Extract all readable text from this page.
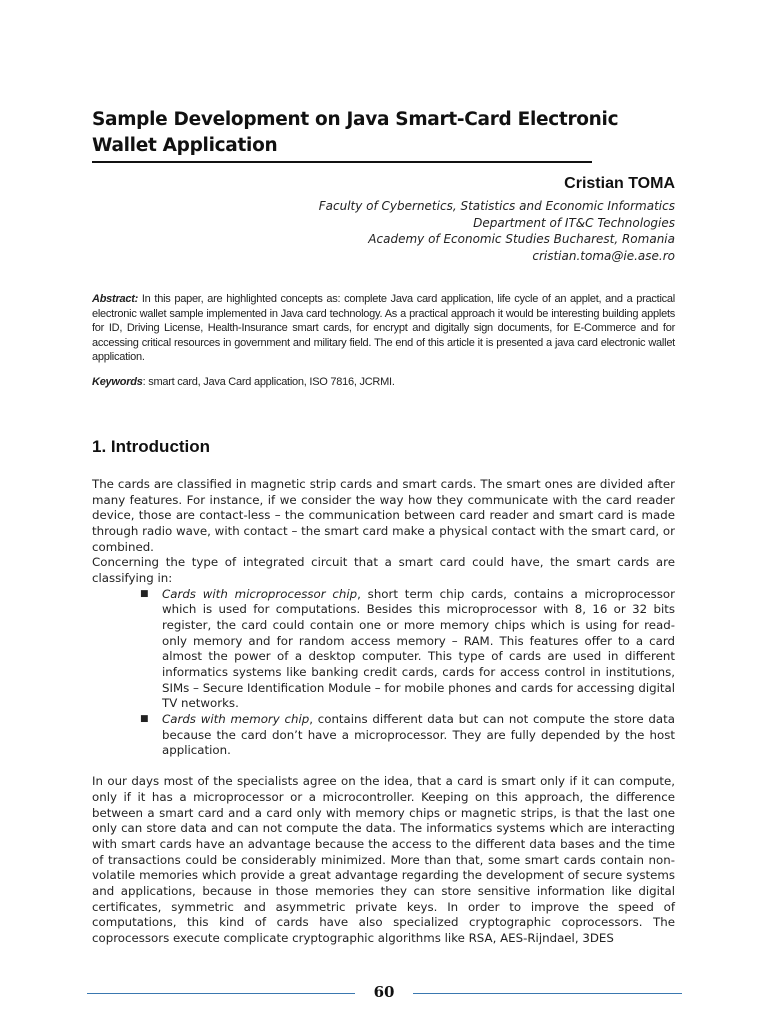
Sample Development on Java Smart-Card Electronic Wallet Application
Cristian TOMA
Faculty of Cybernetics, Statistics and Economic Informatics
Department of IT&C Technologies
Academy of Economic Studies Bucharest, Romania
cristian.toma@ie.ase.ro

Abstract: In this paper, are highlighted concepts as: complete Java card application, life cycle of an applet, and a practical electronic wallet sample implemented in Java card technology. As a practical approach it would be interesting building applets for ID, Driving License, Health-Insurance smart cards, for encrypt and digitally sign documents, for E-Commerce and for accessing critical resources in government and military field. The end of this article it is presented a java card electronic wallet application.

Keywords: smart card, Java Card application, ISO 7816, JCRMI.

1. Introduction

The cards are classified in magnetic strip cards and smart cards. The smart ones are divided after many features. For instance, if we consider the way how they communicate with the card reader device, those are contact-less – the communication between card reader and smart card is made through radio wave, with contact – the smart card make a physical contact with the smart card, or combined.

Concerning the type of integrated circuit that a smart card could have, the smart cards are classifying in:

■ Cards with microprocessor chip, short term chip cards, contains a microprocessor which is used for computations. Besides this microprocessor with 8, 16 or 32 bits register, the card could contain one or more memory chips which is using for read-only memory and for random access memory – RAM. This features offer to a card almost the power of a desktop computer. This type of cards are used in different informatics systems like banking credit cards, cards for access control in institutions, SIMs – Secure Identification Module – for mobile phones and cards for accessing digital TV networks.
■ Cards with memory chip, contains different data but can not compute the store data because the card don’t have a microprocessor. They are fully depended by the host application.

In our days most of the specialists agree on the idea, that a card is smart only if it can compute, only if it has a microprocessor or a microcontroller. Keeping on this approach, the difference between a smart card and a card only with memory chips or magnetic strips, is that the last one only can store data and can not compute the data. The informatics systems which are interacting with smart cards have an advantage because the access to the different data bases and the time of transactions could be considerably minimized. More than that, some smart cards contain non-volatile memories which provide a great advantage regarding the development of secure systems and applications, because in those memories they can store sensitive information like digital certificates, symmetric and asymmetric private keys. In order to improve the speed of computations, this kind of cards have also specialized cryptographic coprocessors. The coprocessors execute complicate cryptographic algorithms like RSA, AES-Rijndael, 3DES

60
